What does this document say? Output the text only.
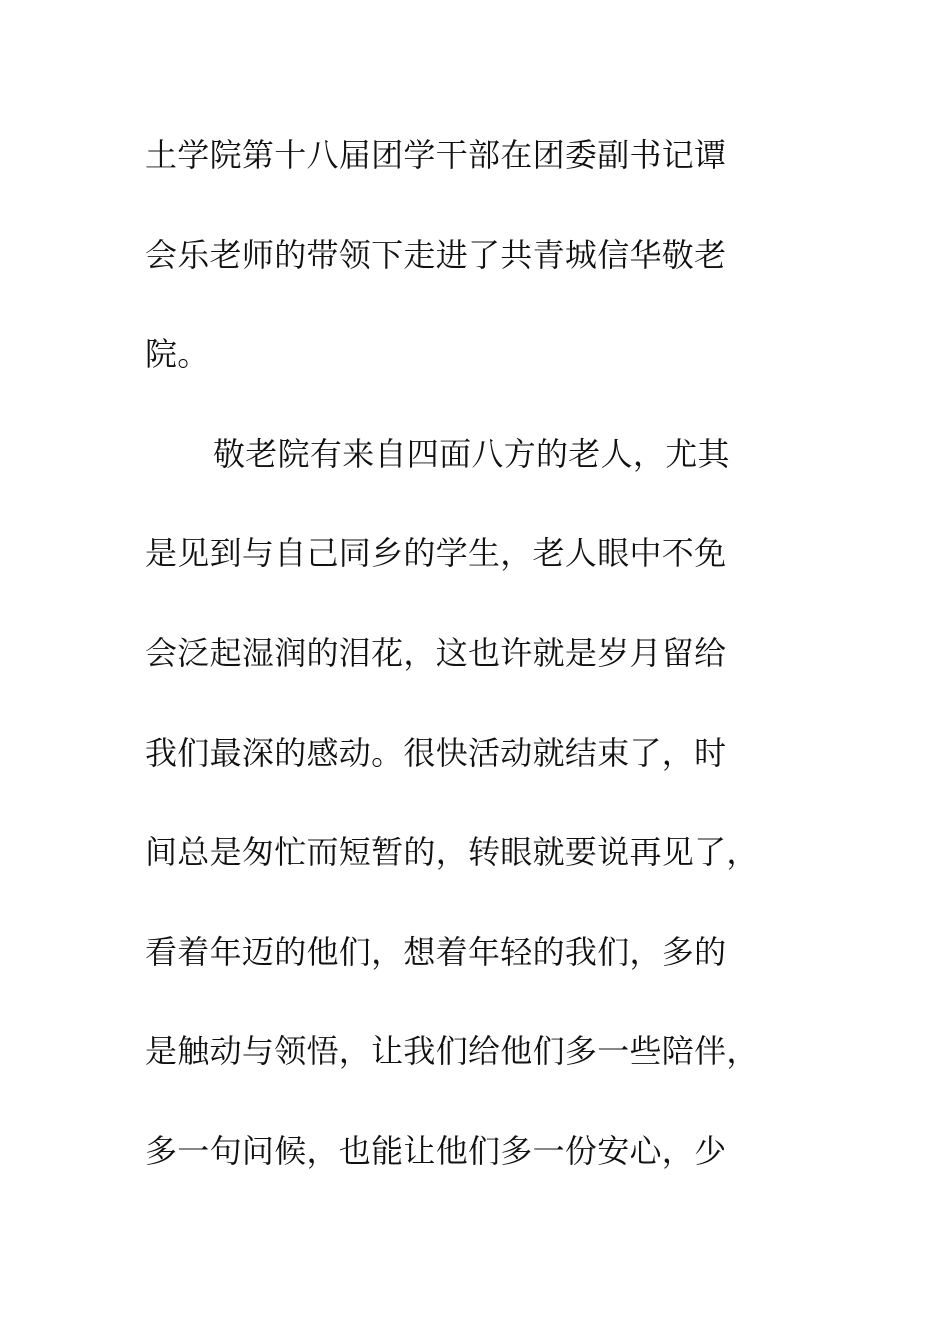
土学院第十八届团学干部在团委副书记谭
会乐老师的带领下走进了共青城信华敬老
院。
敬老院有来自四面八方的老人，尤其
是见到与自己同乡的学生，老人眼中不免
会泛起湿润的泪花，这也许就是岁月留给
我们最深的感动。很快活动就结束了，时
间总是匆忙而短暂的，转眼就要说再见了，
看着年迈的他们，想着年轻的我们，多的
是触动与领悟，让我们给他们多一些陪伴，
多一句问候，也能让他们多一份安心，少
